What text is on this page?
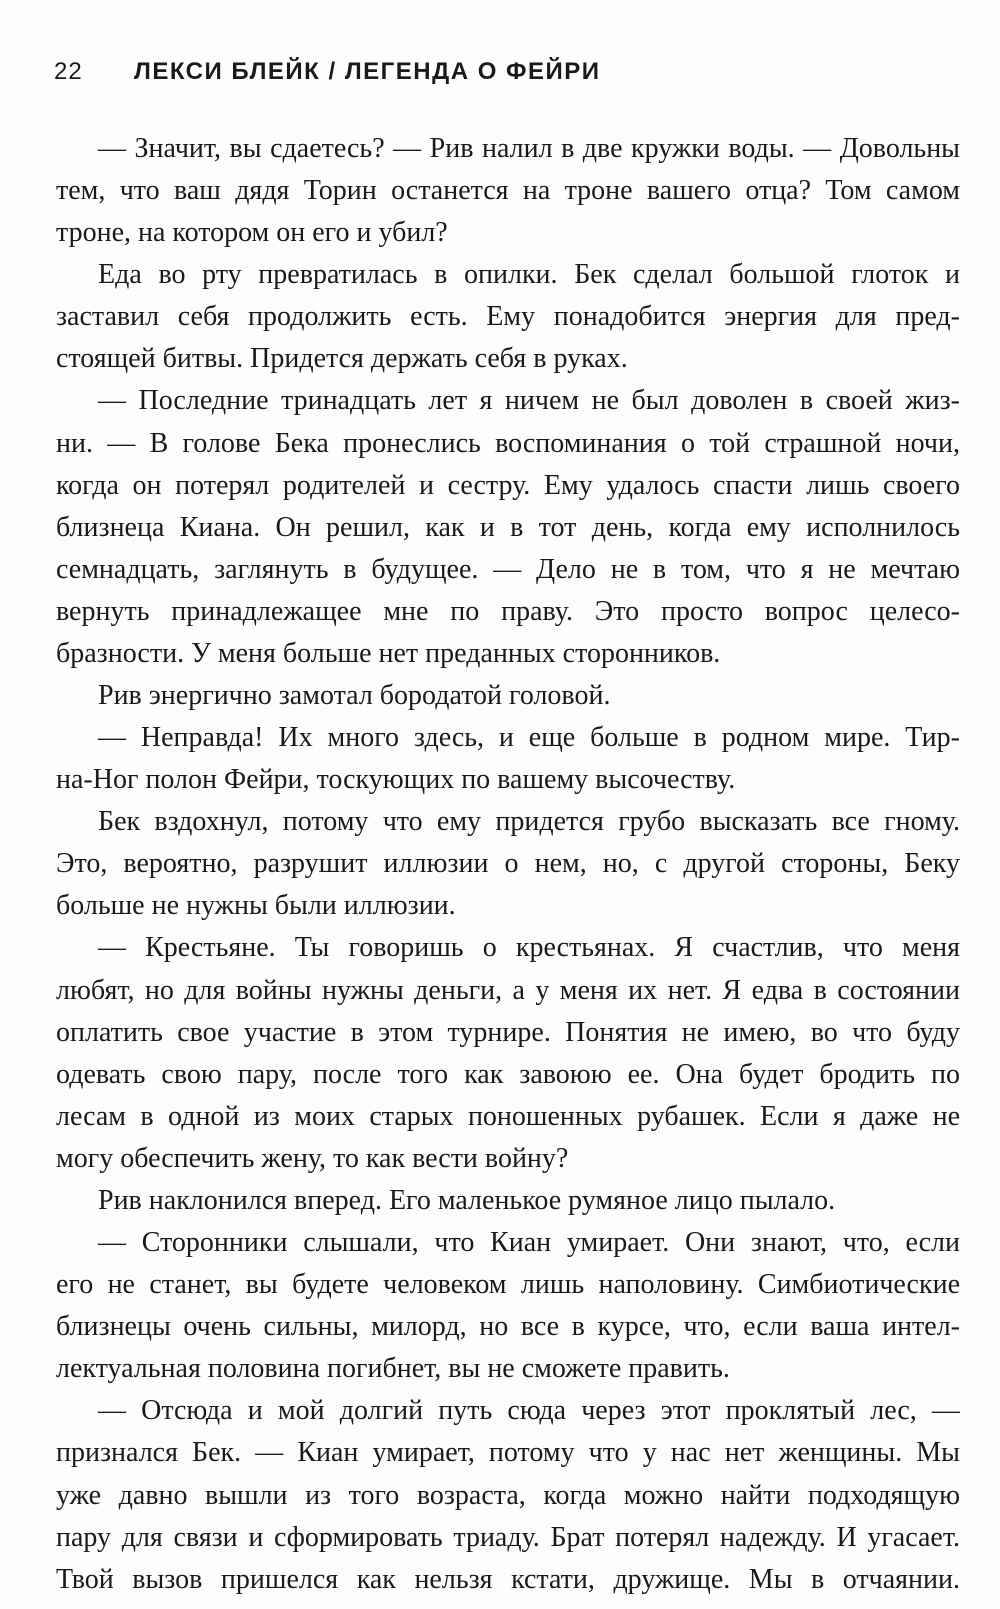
22 ЛЕКСИ БЛЕЙК / ЛЕГЕНДА О ФЕЙРИ
— Значит, вы сдаетесь? — Рив налил в две кружки воды. — Довольны
тем, что ваш дядя Торин останется на троне вашего отца? Том самом
троне, на котором он его и убил?
Еда во рту превратилась в опилки. Бек сделал большой глоток и
заставил себя продолжить есть. Ему понадобится энергия для пред-
стоящей битвы. Придется держать себя в руках.
— Последние тринадцать лет я ничем не был доволен в своей жиз-
ни. — В голове Бека пронеслись воспоминания о той страшной ночи,
когда он потерял родителей и сестру. Ему удалось спасти лишь своего
близнеца Киана. Он решил, как и в тот день, когда ему исполнилось
семнадцать, заглянуть в будущее. — Дело не в том, что я не мечтаю
вернуть принадлежащее мне по праву. Это просто вопрос целесо-
бразности. У меня больше нет преданных сторонников.
Рив энергично замотал бородатой головой.
— Неправда! Их много здесь, и еще больше в родном мире. Тир-
на-Ног полон Фейри, тоскующих по вашему высочеству.
Бек вздохнул, потому что ему придется грубо высказать все гному.
Это, вероятно, разрушит иллюзии о нем, но, с другой стороны, Беку
больше не нужны были иллюзии.
— Крестьяне. Ты говоришь о крестьянах. Я счастлив, что меня
любят, но для войны нужны деньги, а у меня их нет. Я едва в состоянии
оплатить свое участие в этом турнире. Понятия не имею, во что буду
одевать свою пару, после того как завоюю ее. Она будет бродить по
лесам в одной из моих старых поношенных рубашек. Если я даже не
могу обеспечить жену, то как вести войну?
Рив наклонился вперед. Его маленькое румяное лицо пылало.
— Сторонники слышали, что Киан умирает. Они знают, что, если
его не станет, вы будете человеком лишь наполовину. Симбиотические
близнецы очень сильны, милорд, но все в курсе, что, если ваша интел-
лектуальная половина погибнет, вы не сможете править.
— Отсюда и мой долгий путь сюда через этот проклятый лес, —
признался Бек. — Киан умирает, потому что у нас нет женщины. Мы
уже давно вышли из того возраста, когда можно найти подходящую
пару для связи и сформировать триаду. Брат потерял надежду. И угасает.
Твой вызов пришелся как нельзя кстати, дружище. Мы в отчаянии.
